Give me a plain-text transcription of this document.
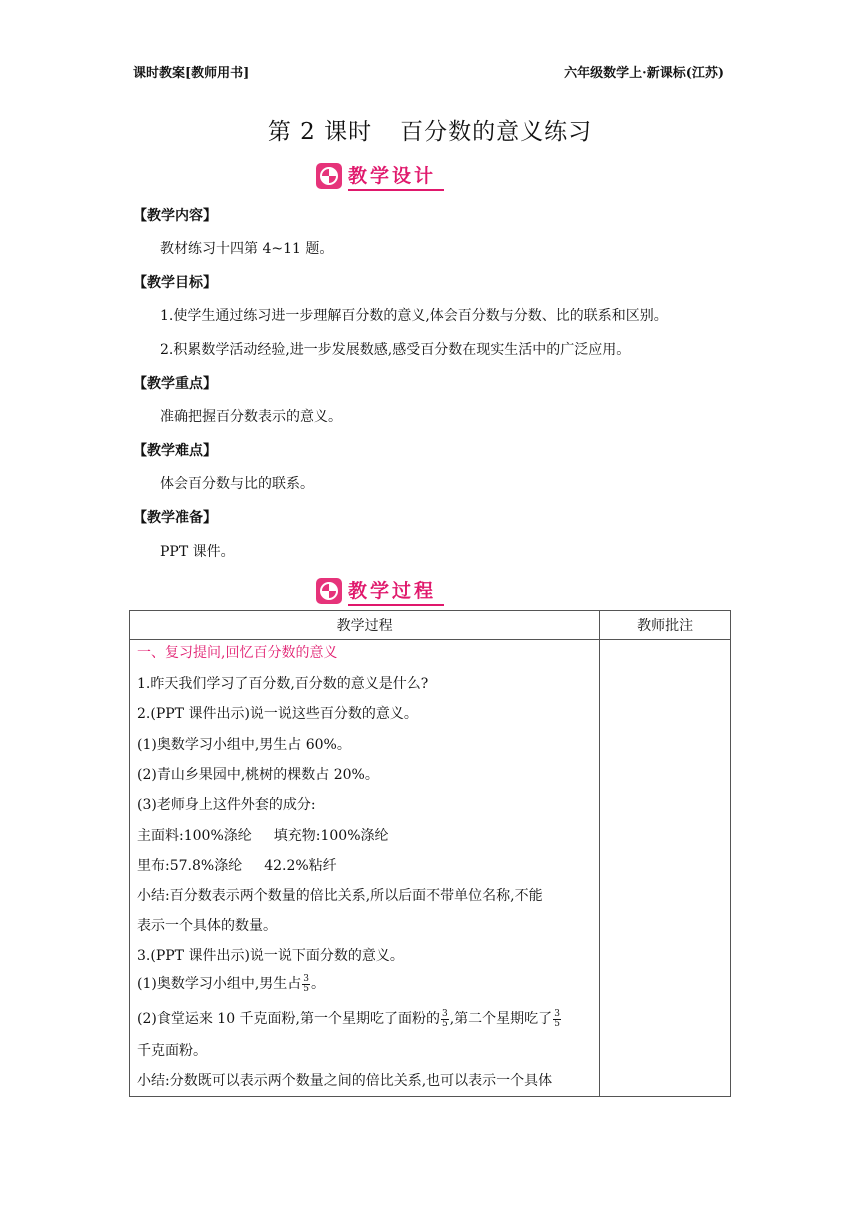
课时教案[教师用书]	六年级数学上·新课标(江苏)
第 2 课时 百分数的意义练习
教学设计
【教学内容】
教材练习十四第 4~11 题。
【教学目标】
1.使学生通过练习进一步理解百分数的意义,体会百分数与分数、比的联系和区别。
2.积累数学活动经验,进一步发展数感,感受百分数在现实生活中的广泛应用。
【教学重点】
准确把握百分数表示的意义。
【教学难点】
体会百分数与比的联系。
【教学准备】
PPT 课件。
教学过程
教学过程	教师批注

一、复习提问,回忆百分数的意义
1.昨天我们学习了百分数,百分数的意义是什么?
2.(PPT 课件出示)说一说这些百分数的意义。
(1)奥数学习小组中,男生占 60%。
(2)青山乡果园中,桃树的棵数占 20%。
(3)老师身上这件外套的成分:
主面料:100%涤纶 填充物:100%涤纶
里布:57.8%涤纶 42.2%粘纤
小结:百分数表示两个数量的倍比关系,所以后面不带单位名称,不能
表示一个具体的数量。
3.(PPT 课件出示)说一说下面分数的意义。
(1)奥数学习小组中,男生占 $\frac{3}{5}$ 。
(2)食堂运来 10 千克面粉,第一个星期吃了面粉的 $\frac{3}{5}$ ,第二个星期吃了 $\frac{3}{5}$
千克面粉。
小结:分数既可以表示两个数量之间的倍比关系,也可以表示一个具体
